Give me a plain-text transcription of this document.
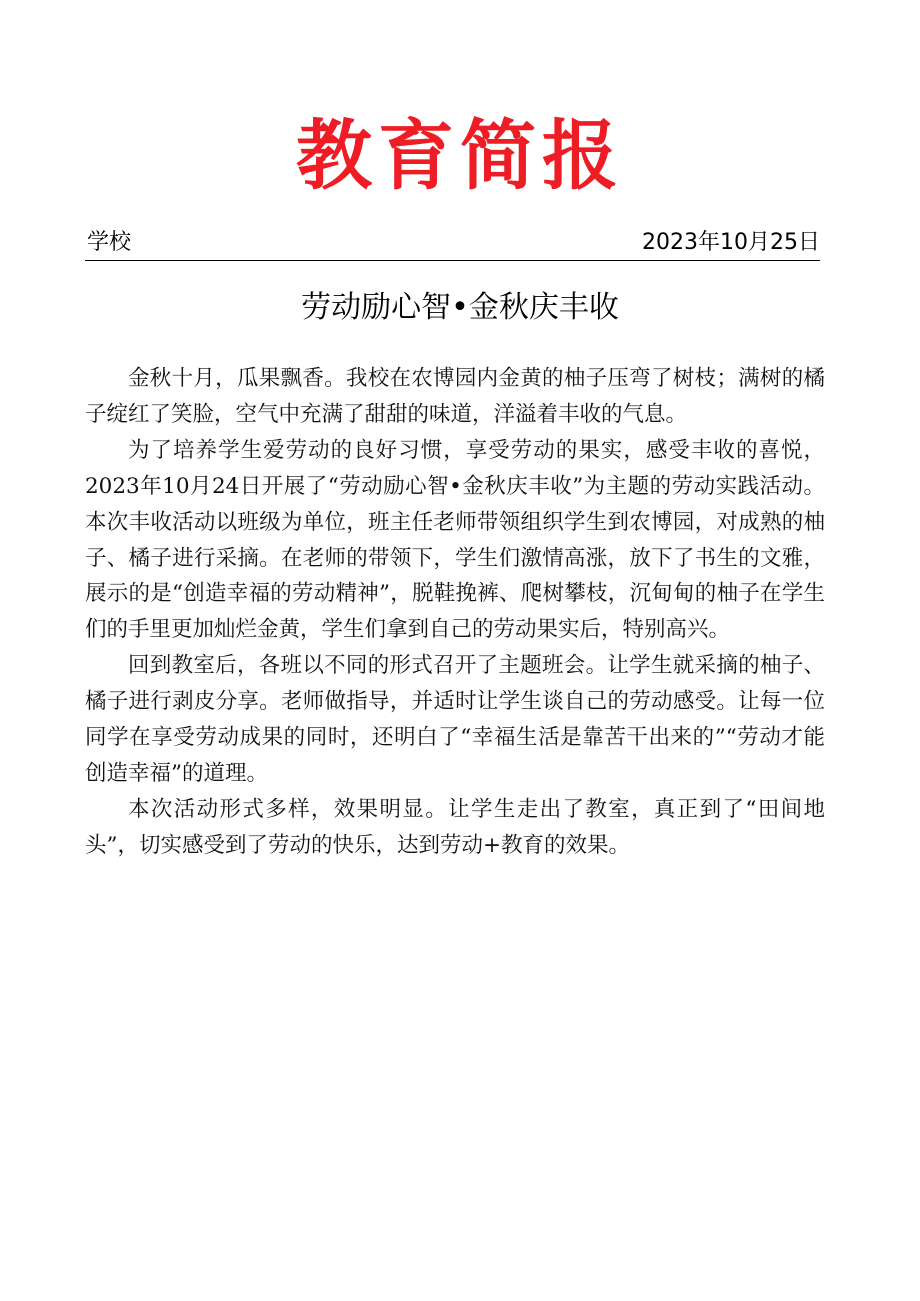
教育简报
学校	2023年10月25日
劳动励心智•金秋庆丰收

金秋十月，瓜果飘香。我校在农博园内金黄的柚子压弯了树枝；满树的橘子绽红了笑脸，空气中充满了甜甜的味道，洋溢着丰收的气息。

为了培养学生爱劳动的良好习惯，享受劳动的果实，感受丰收的喜悦，2023年10月24日开展了“劳动励心智•金秋庆丰收”为主题的劳动实践活动。本次丰收活动以班级为单位，班主任老师带领组织学生到农博园，对成熟的柚子、橘子进行采摘。在老师的带领下，学生们激情高涨，放下了书生的文雅，展示的是“创造幸福的劳动精神”，脱鞋挽裤、爬树攀枝，沉甸甸的柚子在学生们的手里更加灿烂金黄，学生们拿到自己的劳动果实后，特别高兴。

回到教室后，各班以不同的形式召开了主题班会。让学生就采摘的柚子、橘子进行剥皮分享。老师做指导，并适时让学生谈自己的劳动感受。让每一位同学在享受劳动成果的同时，还明白了“幸福生活是靠苦干出来的”“劳动才能创造幸福”的道理。

本次活动形式多样，效果明显。让学生走出了教室，真正到了“田间地头”，切实感受到了劳动的快乐，达到劳动+教育的效果。
